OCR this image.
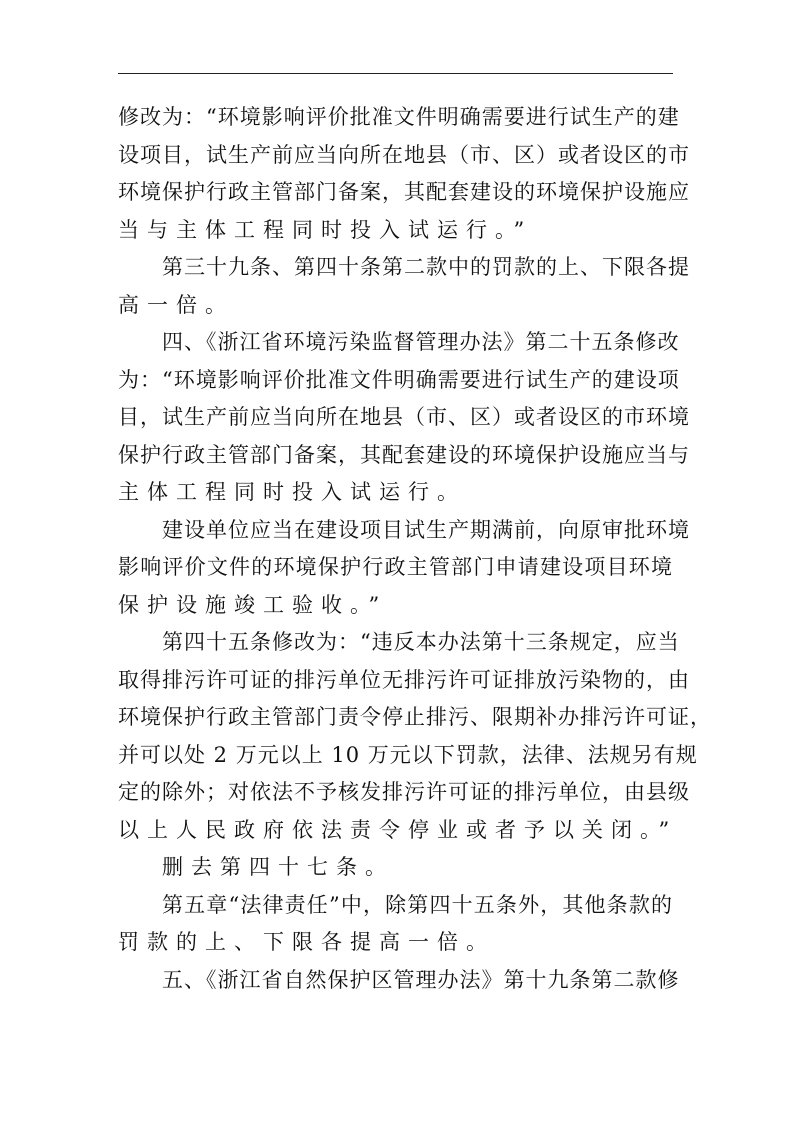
修改为：“环境影响评价批准文件明确需要进行试生产的建
设项目，试生产前应当向所在地县（市、区）或者设区的市
环境保护行政主管部门备案，其配套建设的环境保护设施应
当与主体工程同时投入试运行。”
第三十九条、第四十条第二款中的罚款的上、下限各提
高一倍。
四、《浙江省环境污染监督管理办法》第二十五条修改
为：“环境影响评价批准文件明确需要进行试生产的建设项
目，试生产前应当向所在地县（市、区）或者设区的市环境
保护行政主管部门备案，其配套建设的环境保护设施应当与
主体工程同时投入试运行。
建设单位应当在建设项目试生产期满前，向原审批环境
影响评价文件的环境保护行政主管部门申请建设项目环境
保护设施竣工验收。”
第四十五条修改为：“违反本办法第十三条规定，应当
取得排污许可证的排污单位无排污许可证排放污染物的，由
环境保护行政主管部门责令停止排污、限期补办排污许可证，
并可以处 2 万元以上 10 万元以下罚款，法律、法规另有规
定的除外；对依法不予核发排污许可证的排污单位，由县级
以上人民政府依法责令停业或者予以关闭。”
删去第四十七条。
第五章“法律责任”中，除第四十五条外，其他条款的
罚款的上、下限各提高一倍。
五、《浙江省自然保护区管理办法》第十九条第二款修
